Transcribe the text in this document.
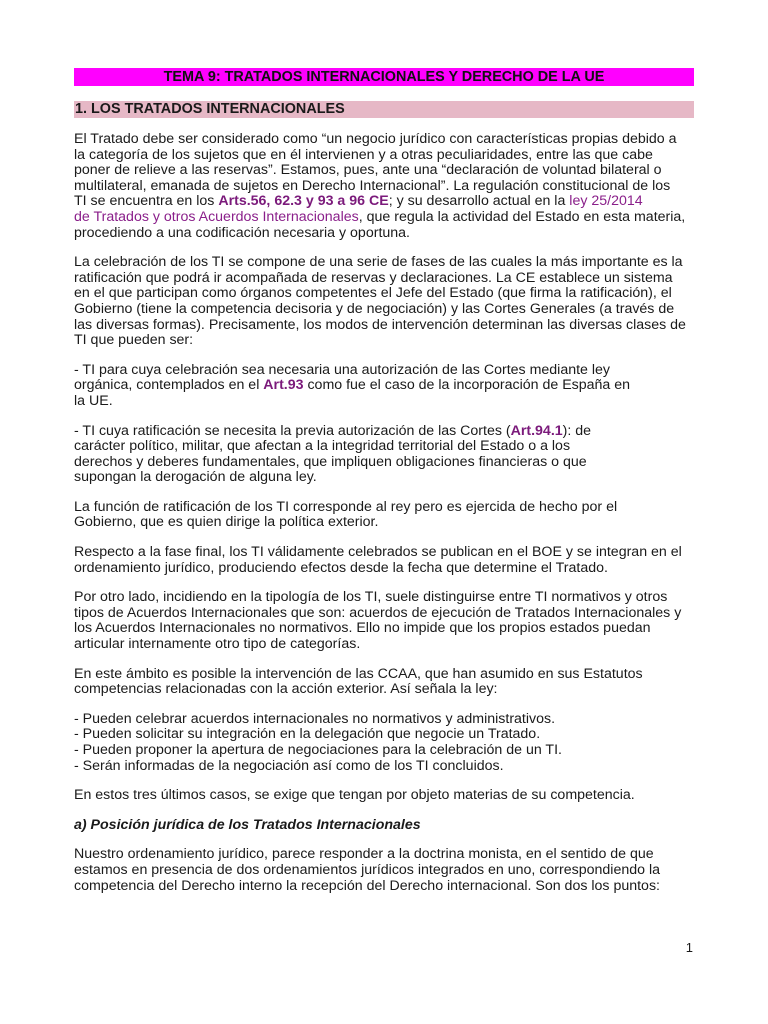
TEMA 9: TRATADOS INTERNACIONALES Y DERECHO DE LA UE
1. LOS TRATADOS INTERNACIONALES

El Tratado debe ser considerado como “un negocio jurídico con características propias debido a

la categoría de los sujetos que en él intervienen y a otras peculiaridades, entre las que cabe

poner de relieve a las reservas”. Estamos, pues, ante una “declaración de voluntad bilateral o

multilateral, emanada de sujetos en Derecho Internacional”. La regulación constitucional de los

TI se encuentra en los Arts.56, 62.3 y 93 a 96 CE; y su desarrollo actual en la ley 25/2014

de Tratados y otros Acuerdos Internacionales, que regula la actividad del Estado en esta materia,

procediendo a una codificación necesaria y oportuna.

La celebración de los TI se compone de una serie de fases de las cuales la más importante es la

ratificación que podrá ir acompañada de reservas y declaraciones. La CE establece un sistema

en el que participan como órganos competentes el Jefe del Estado (que firma la ratificación), el

Gobierno (tiene la competencia decisoria y de negociación) y las Cortes Generales (a través de

las diversas formas). Precisamente, los modos de intervención determinan las diversas clases de

TI que pueden ser:

- TI para cuya celebración sea necesaria una autorización de las Cortes mediante ley

orgánica, contemplados en el Art.93 como fue el caso de la incorporación de España en

la UE.

- TI cuya ratificación se necesita la previa autorización de las Cortes (Art.94.1): de

carácter político, militar, que afectan a la integridad territorial del Estado o a los

derechos y deberes fundamentales, que impliquen obligaciones financieras o que

supongan la derogación de alguna ley.

La función de ratificación de los TI corresponde al rey pero es ejercida de hecho por el

Gobierno, que es quien dirige la política exterior.

Respecto a la fase final, los TI válidamente celebrados se publican en el BOE y se integran en el

ordenamiento jurídico, produciendo efectos desde la fecha que determine el Tratado.

Por otro lado, incidiendo en la tipología de los TI, suele distinguirse entre TI normativos y otros

tipos de Acuerdos Internacionales que son: acuerdos de ejecución de Tratados Internacionales y

los Acuerdos Internacionales no normativos. Ello no impide que los propios estados puedan

articular internamente otro tipo de categorías.

En este ámbito es posible la intervención de las CCAA, que han asumido en sus Estatutos

competencias relacionadas con la acción exterior. Así señala la ley:

- Pueden celebrar acuerdos internacionales no normativos y administrativos.

- Pueden solicitar su integración en la delegación que negocie un Tratado.

- Pueden proponer la apertura de negociaciones para la celebración de un TI.

- Serán informadas de la negociación así como de los TI concluidos.

En estos tres últimos casos, se exige que tengan por objeto materias de su competencia.

a) Posición jurídica de los Tratados Internacionales

Nuestro ordenamiento jurídico, parece responder a la doctrina monista, en el sentido de que

estamos en presencia de dos ordenamientos jurídicos integrados en uno, correspondiendo la

competencia del Derecho interno la recepción del Derecho internacional. Son dos los puntos:

1
